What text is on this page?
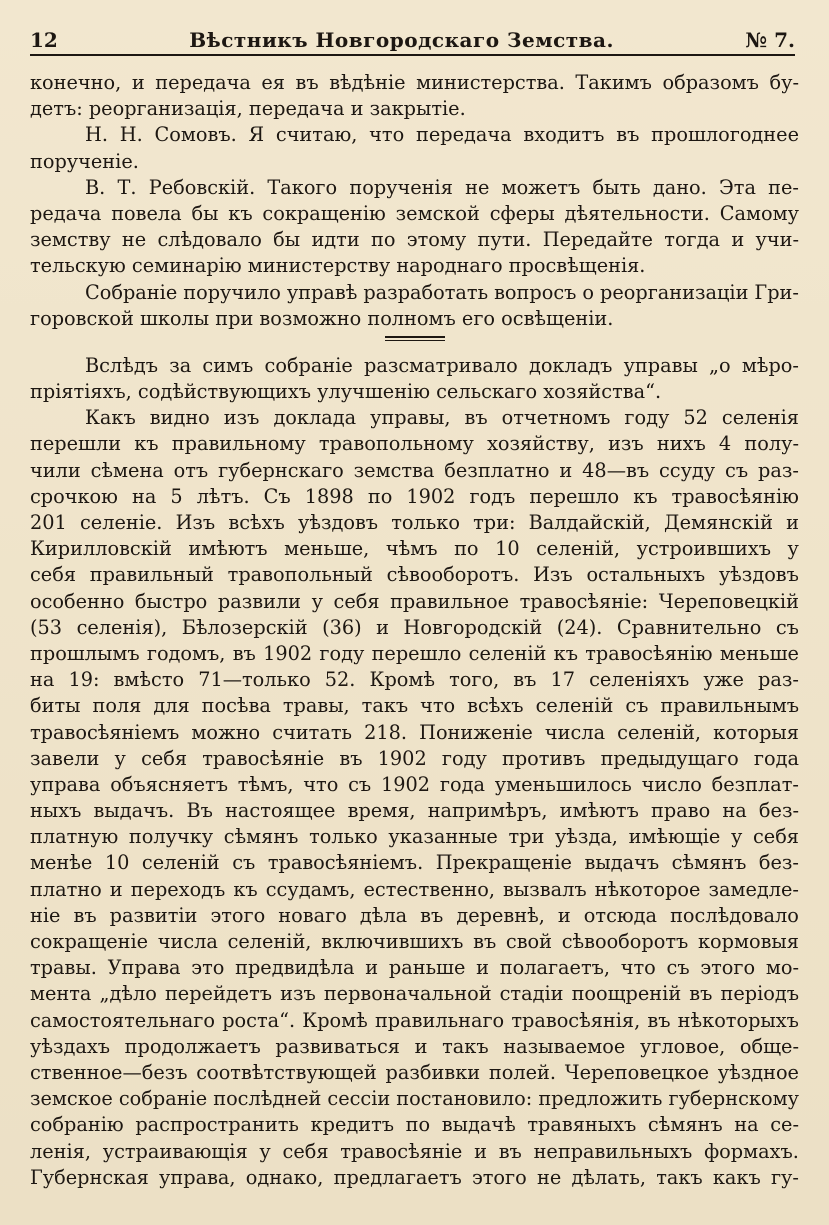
12	Вѣстникъ Новгородскаго Земства.	№ 7.
конечно, и передача ея въ вѣдѣніе министерства. Такимъ образомъ бу-
детъ: реорганизація, передача и закрытіе.
Н. Н. Сомовъ. Я считаю, что передача входитъ въ прошлогоднее
порученіе.
В. Т. Ребовскій. Такого порученія не можетъ быть дано. Эта пе-
редача повела бы къ сокращенію земской сферы дѣятельности. Самому
земству не слѣдовало бы идти по этому пути. Передайте тогда и учи-
тельскую семинарію министерству народнаго просвѣщенія.
Собраніе поручило управѣ разработать вопросъ о реорганизаціи Гри-
горовской школы при возможно полномъ его освѣщеніи.
Вслѣдъ за симъ собраніе разсматривало докладъ управы „о мѣро-
пріятіяхъ, содѣйствующихъ улучшенію сельскаго хозяйства“.
Какъ видно изъ доклада управы, въ отчетномъ году 52 селенія
перешли къ правильному травопольному хозяйству, изъ нихъ 4 полу-
чили сѣмена отъ губернскаго земства безплатно и 48—въ ссуду съ раз-
срочкою на 5 лѣтъ. Съ 1898 по 1902 годъ перешло къ травосѣянію
201 селеніе. Изъ всѣхъ уѣздовъ только три: Валдайскій, Демянскій и
Кирилловскій имѣютъ меньше, чѣмъ по 10 селеній, устроившихъ у
себя правильный травопольный сѣвооборотъ. Изъ остальныхъ уѣздовъ
особенно быстро развили у себя правильное травосѣяніе: Череповецкій
(53 селенія), Бѣлозерскій (36) и Новгородскій (24). Сравнительно съ
прошлымъ годомъ, въ 1902 году перешло селеній къ травосѣянію меньше
на 19: вмѣсто 71—только 52. Кромѣ того, въ 17 селеніяхъ уже раз-
биты поля для посѣва травы, такъ что всѣхъ селеній съ правильнымъ
травосѣяніемъ можно считать 218. Пониженіе числа селеній, которыя
завели у себя травосѣяніе въ 1902 году противъ предыдущаго года
управа объясняетъ тѣмъ, что съ 1902 года уменьшилось число безплат-
ныхъ выдачъ. Въ настоящее время, напримѣръ, имѣютъ право на без-
платную получку сѣмянъ только указанные три уѣзда, имѣющіе у себя
менѣе 10 селеній съ травосѣяніемъ. Прекращеніе выдачъ сѣмянъ без-
платно и переходъ къ ссудамъ, естественно, вызвалъ нѣкоторое замедле-
ніе въ развитіи этого новаго дѣла въ деревнѣ, и отсюда послѣдовало
сокращеніе числа селеній, включившихъ въ свой сѣвооборотъ кормовыя
травы. Управа это предвидѣла и раньше и полагаетъ, что съ этого мо-
мента „дѣло перейдетъ изъ первоначальной стадіи поощреній въ періодъ
самостоятельнаго роста“. Кромѣ правильнаго травосѣянія, въ нѣкоторыхъ
уѣздахъ продолжаетъ развиваться и такъ называемое угловое, обще-
ственное—безъ соотвѣтствующей разбивки полей. Череповецкое уѣздное
земское собраніе послѣдней сессіи постановило: предложить губернскому
собранію распространить кредитъ по выдачѣ травяныхъ сѣмянъ на се-
ленія, устраивающія у себя травосѣяніе и въ неправильныхъ формахъ.
Губернская управа, однако, предлагаетъ этого не дѣлать, такъ какъ гу-
